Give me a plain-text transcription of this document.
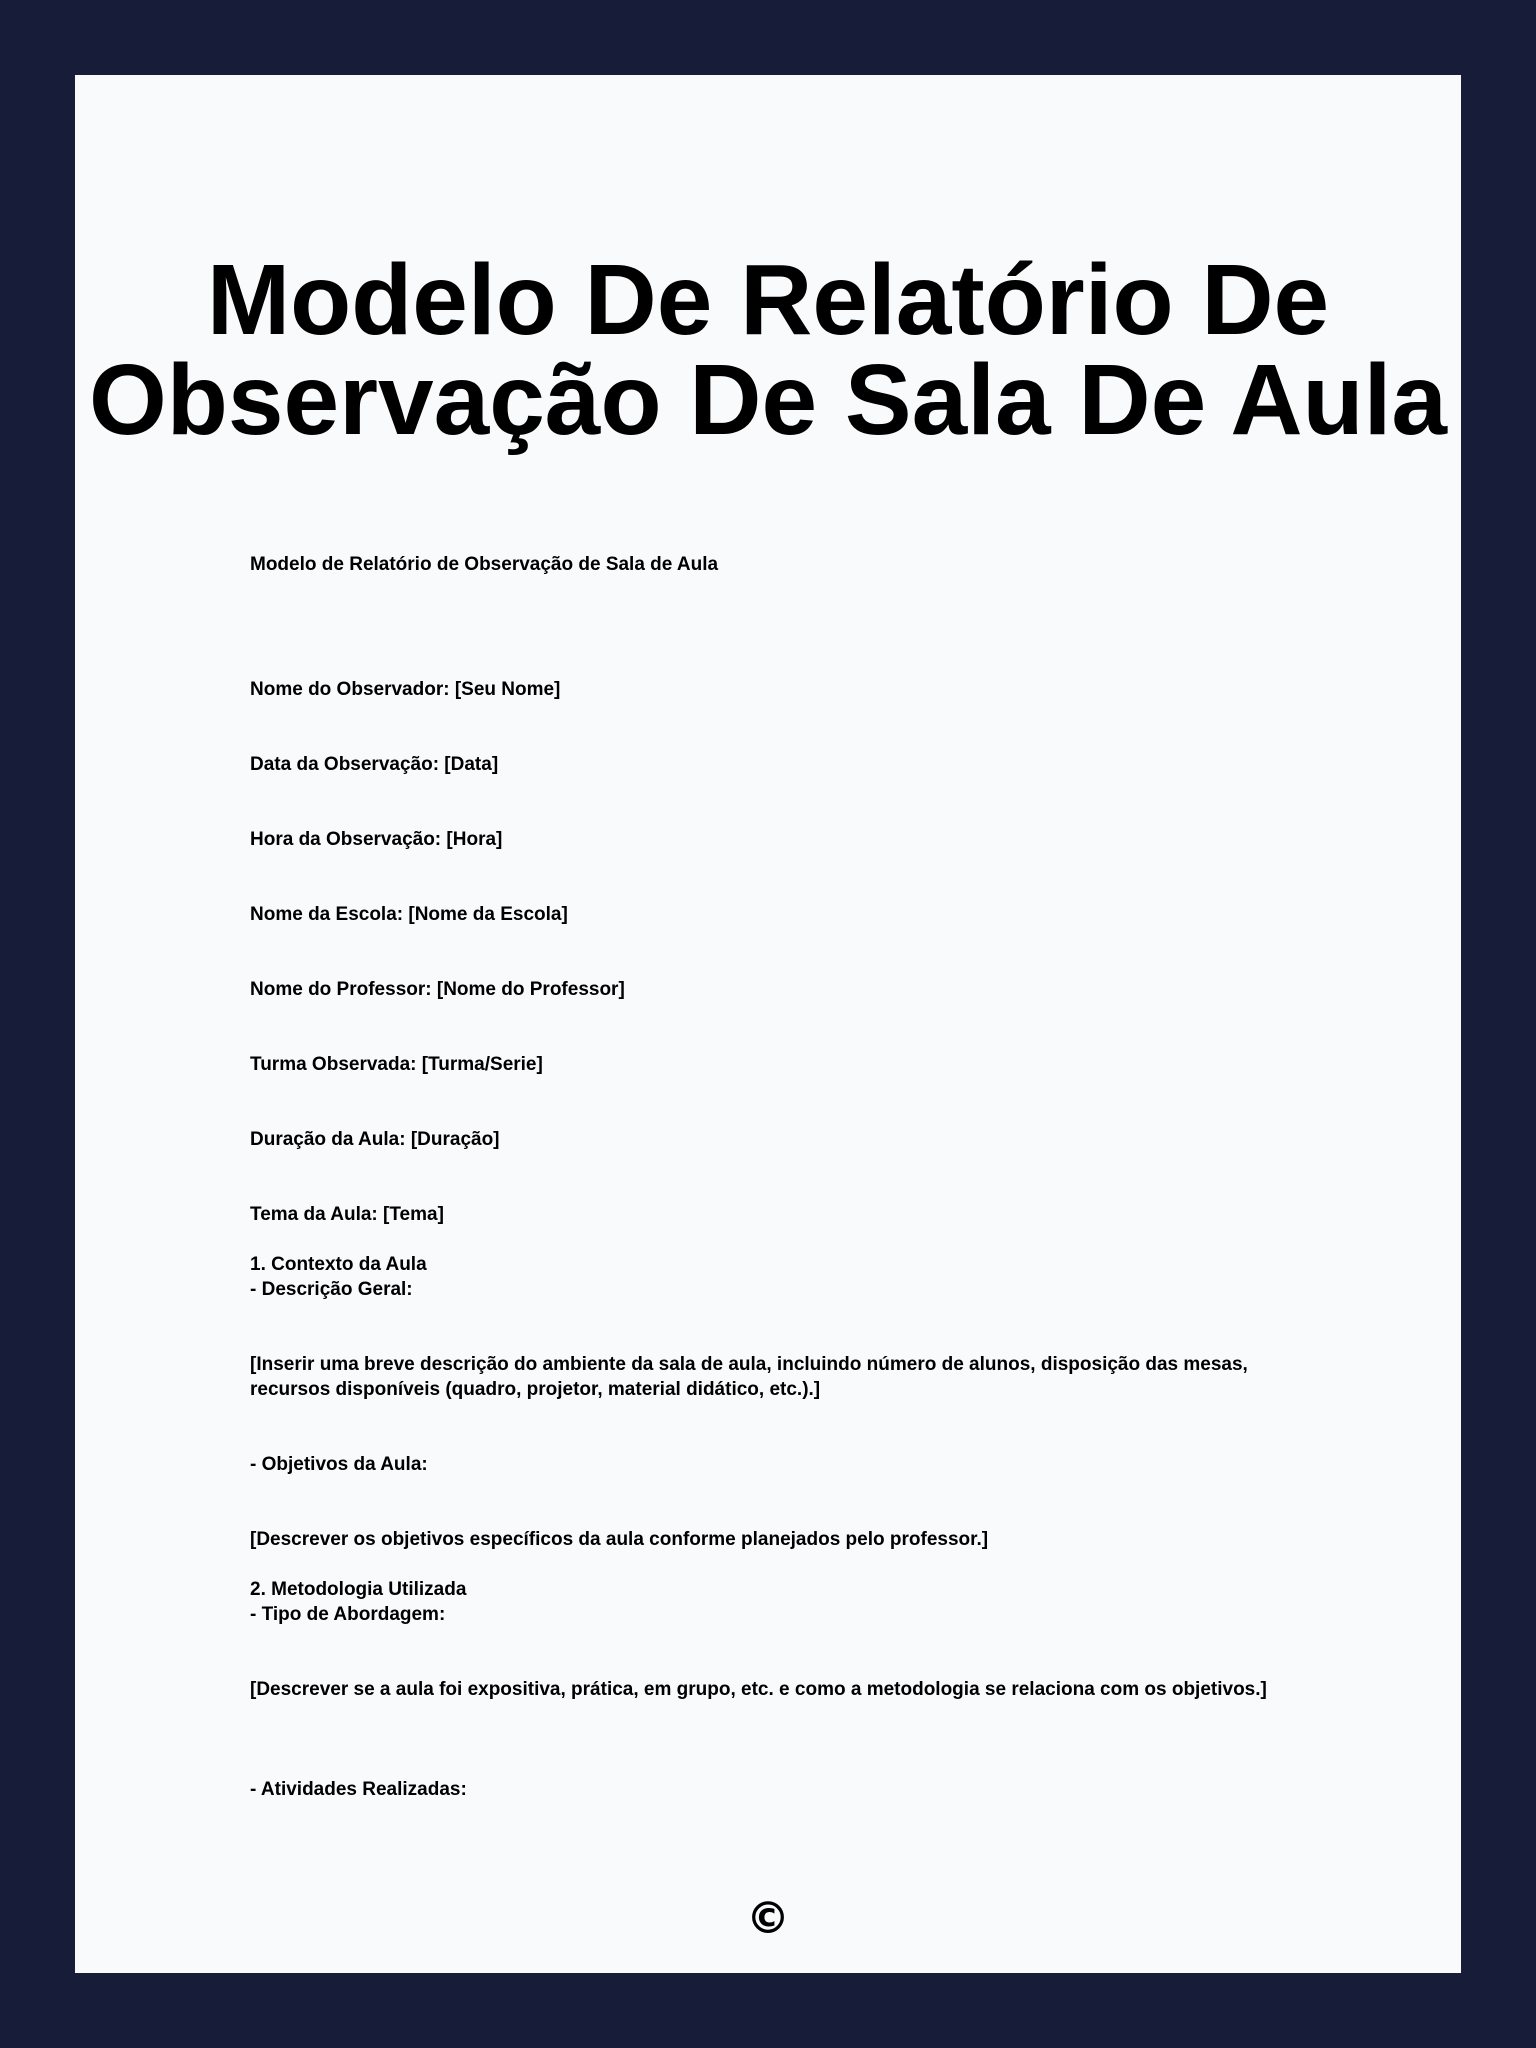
Modelo De Relatório De
Observação De Sala De Aula

Modelo de Relatório de Observação de Sala de Aula

Nome do Observador: [Seu Nome]

Data da Observação: [Data]

Hora da Observação: [Hora]

Nome da Escola: [Nome da Escola]

Nome do Professor: [Nome do Professor]

Turma Observada: [Turma/Serie]

Duração da Aula: [Duração]

Tema da Aula: [Tema]

1. Contexto da Aula

- Descrição Geral:

[Inserir uma breve descrição do ambiente da sala de aula, incluindo número de alunos, disposição das mesas, recursos disponíveis (quadro, projetor, material didático, etc.).]

- Objetivos da Aula:

[Descrever os objetivos específicos da aula conforme planejados pelo professor.]

2. Metodologia Utilizada

- Tipo de Abordagem:

[Descrever se a aula foi expositiva, prática, em grupo, etc. e como a metodologia se relaciona com os objetivos.]

- Atividades Realizadas:

©
